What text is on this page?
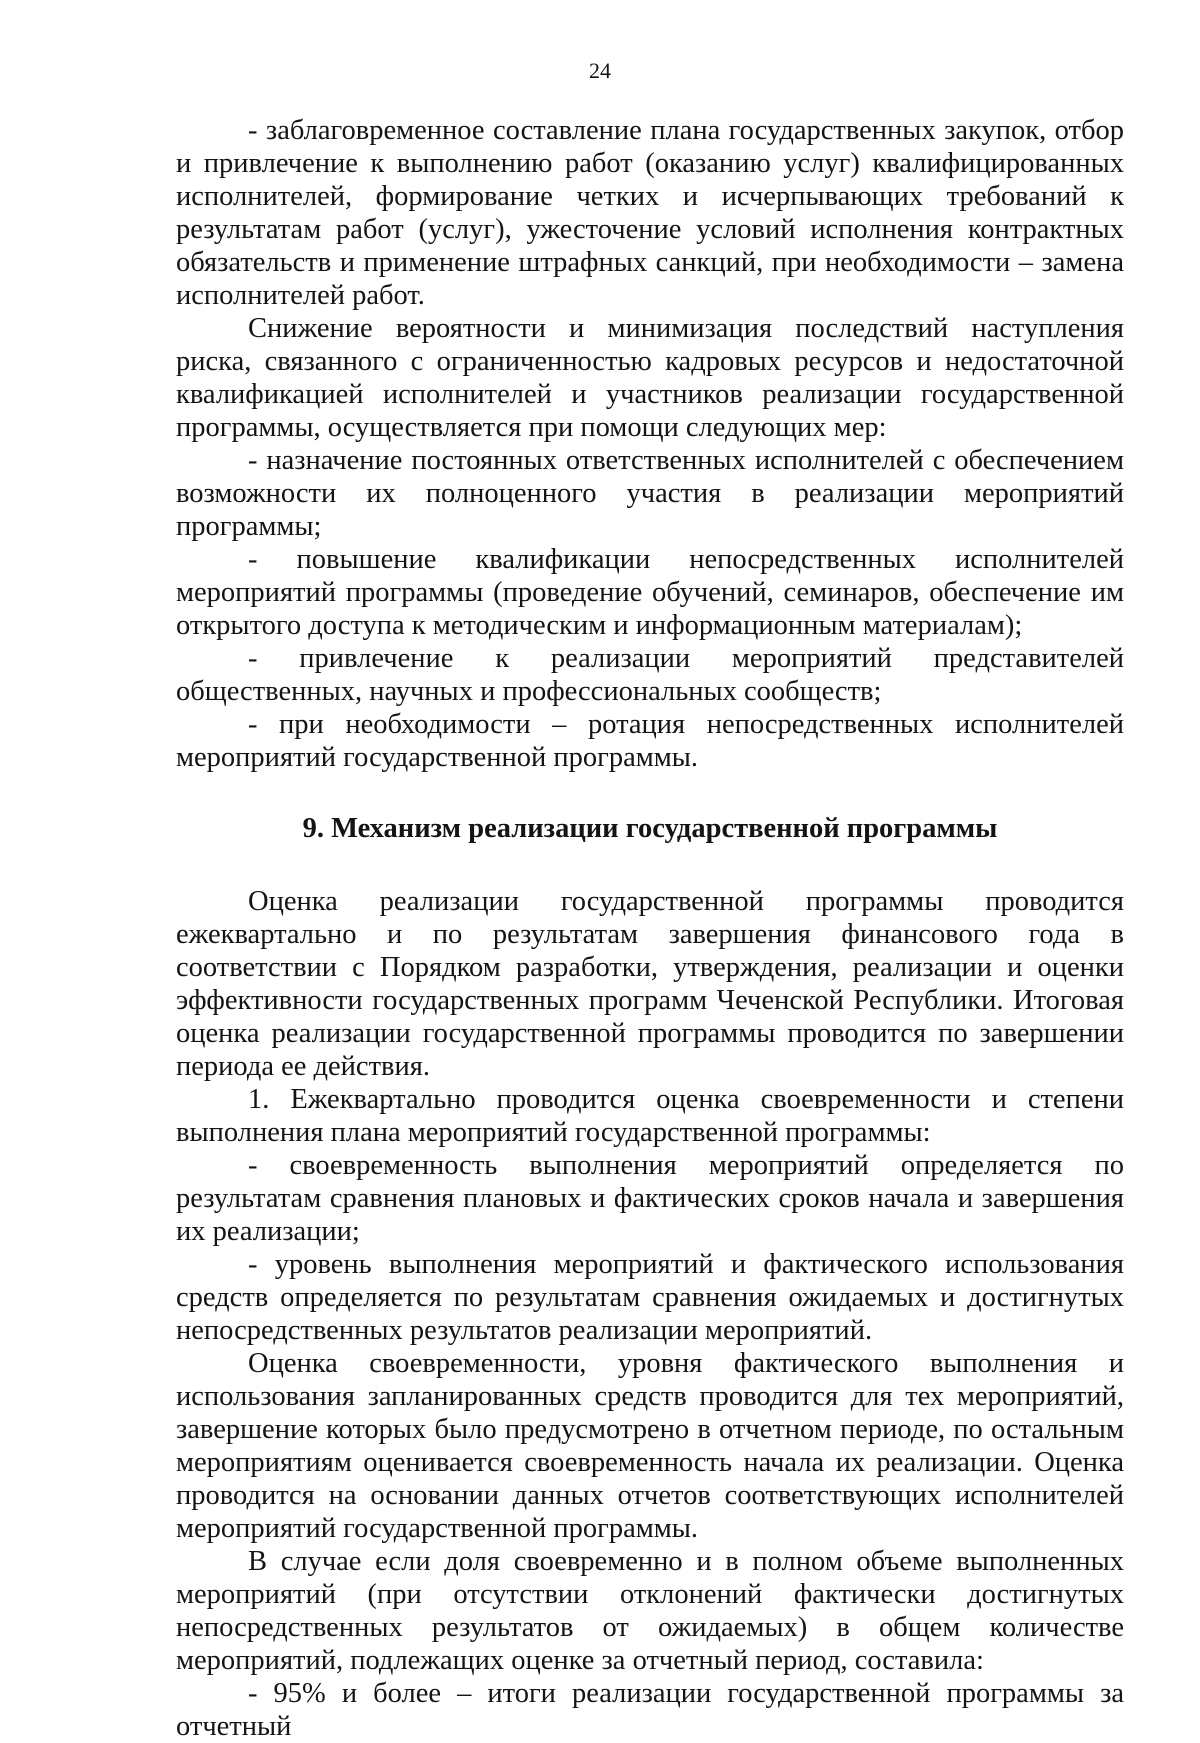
24

- заблаговременное составление плана государственных закупок, отбор и привлечение к выполнению работ (оказанию услуг) квалифицированных исполнителей, формирование четких и исчерпывающих требований к результатам работ (услуг), ужесточение условий исполнения контрактных обязательств и применение штрафных санкций, при необходимости – замена исполнителей работ.

Снижение вероятности и минимизация последствий наступления риска, связанного с ограниченностью кадровых ресурсов и недостаточной квалификацией исполнителей и участников реализации государственной программы, осуществляется при помощи следующих мер:

- назначение постоянных ответственных исполнителей с обеспечением возможности их полноценного участия в реализации мероприятий программы;

- повышение квалификации непосредственных исполнителей мероприятий программы (проведение обучений, семинаров, обеспечение им открытого доступа к методическим и информационным материалам);

- привлечение к реализации мероприятий представителей общественных, научных и профессиональных сообществ;

- при необходимости – ротация непосредственных исполнителей мероприятий государственной программы.

9. Механизм реализации государственной программы

Оценка реализации государственной программы проводится ежеквартально и по результатам завершения финансового года в соответствии с Порядком разработки, утверждения, реализации и оценки эффективности государственных программ Чеченской Республики. Итоговая оценка реализации государственной программы проводится по завершении периода ее действия.

1. Ежеквартально проводится оценка своевременности и степени выполнения плана мероприятий государственной программы:

- своевременность выполнения мероприятий определяется по результатам сравнения плановых и фактических сроков начала и завершения их реализации;

- уровень выполнения мероприятий и фактического использования средств определяется по результатам сравнения ожидаемых и достигнутых непосредственных результатов реализации мероприятий.

Оценка своевременности, уровня фактического выполнения и использования запланированных средств проводится для тех мероприятий, завершение которых было предусмотрено в отчетном периоде, по остальным мероприятиям оценивается своевременность начала их реализации. Оценка проводится на основании данных отчетов соответствующих исполнителей мероприятий государственной программы.

В случае если доля своевременно и в полном объеме выполненных мероприятий (при отсутствии отклонений фактически достигнутых непосредственных результатов от ожидаемых) в общем количестве мероприятий, подлежащих оценке за отчетный период, составила:

- 95% и более – итоги реализации государственной программы за отчетный
